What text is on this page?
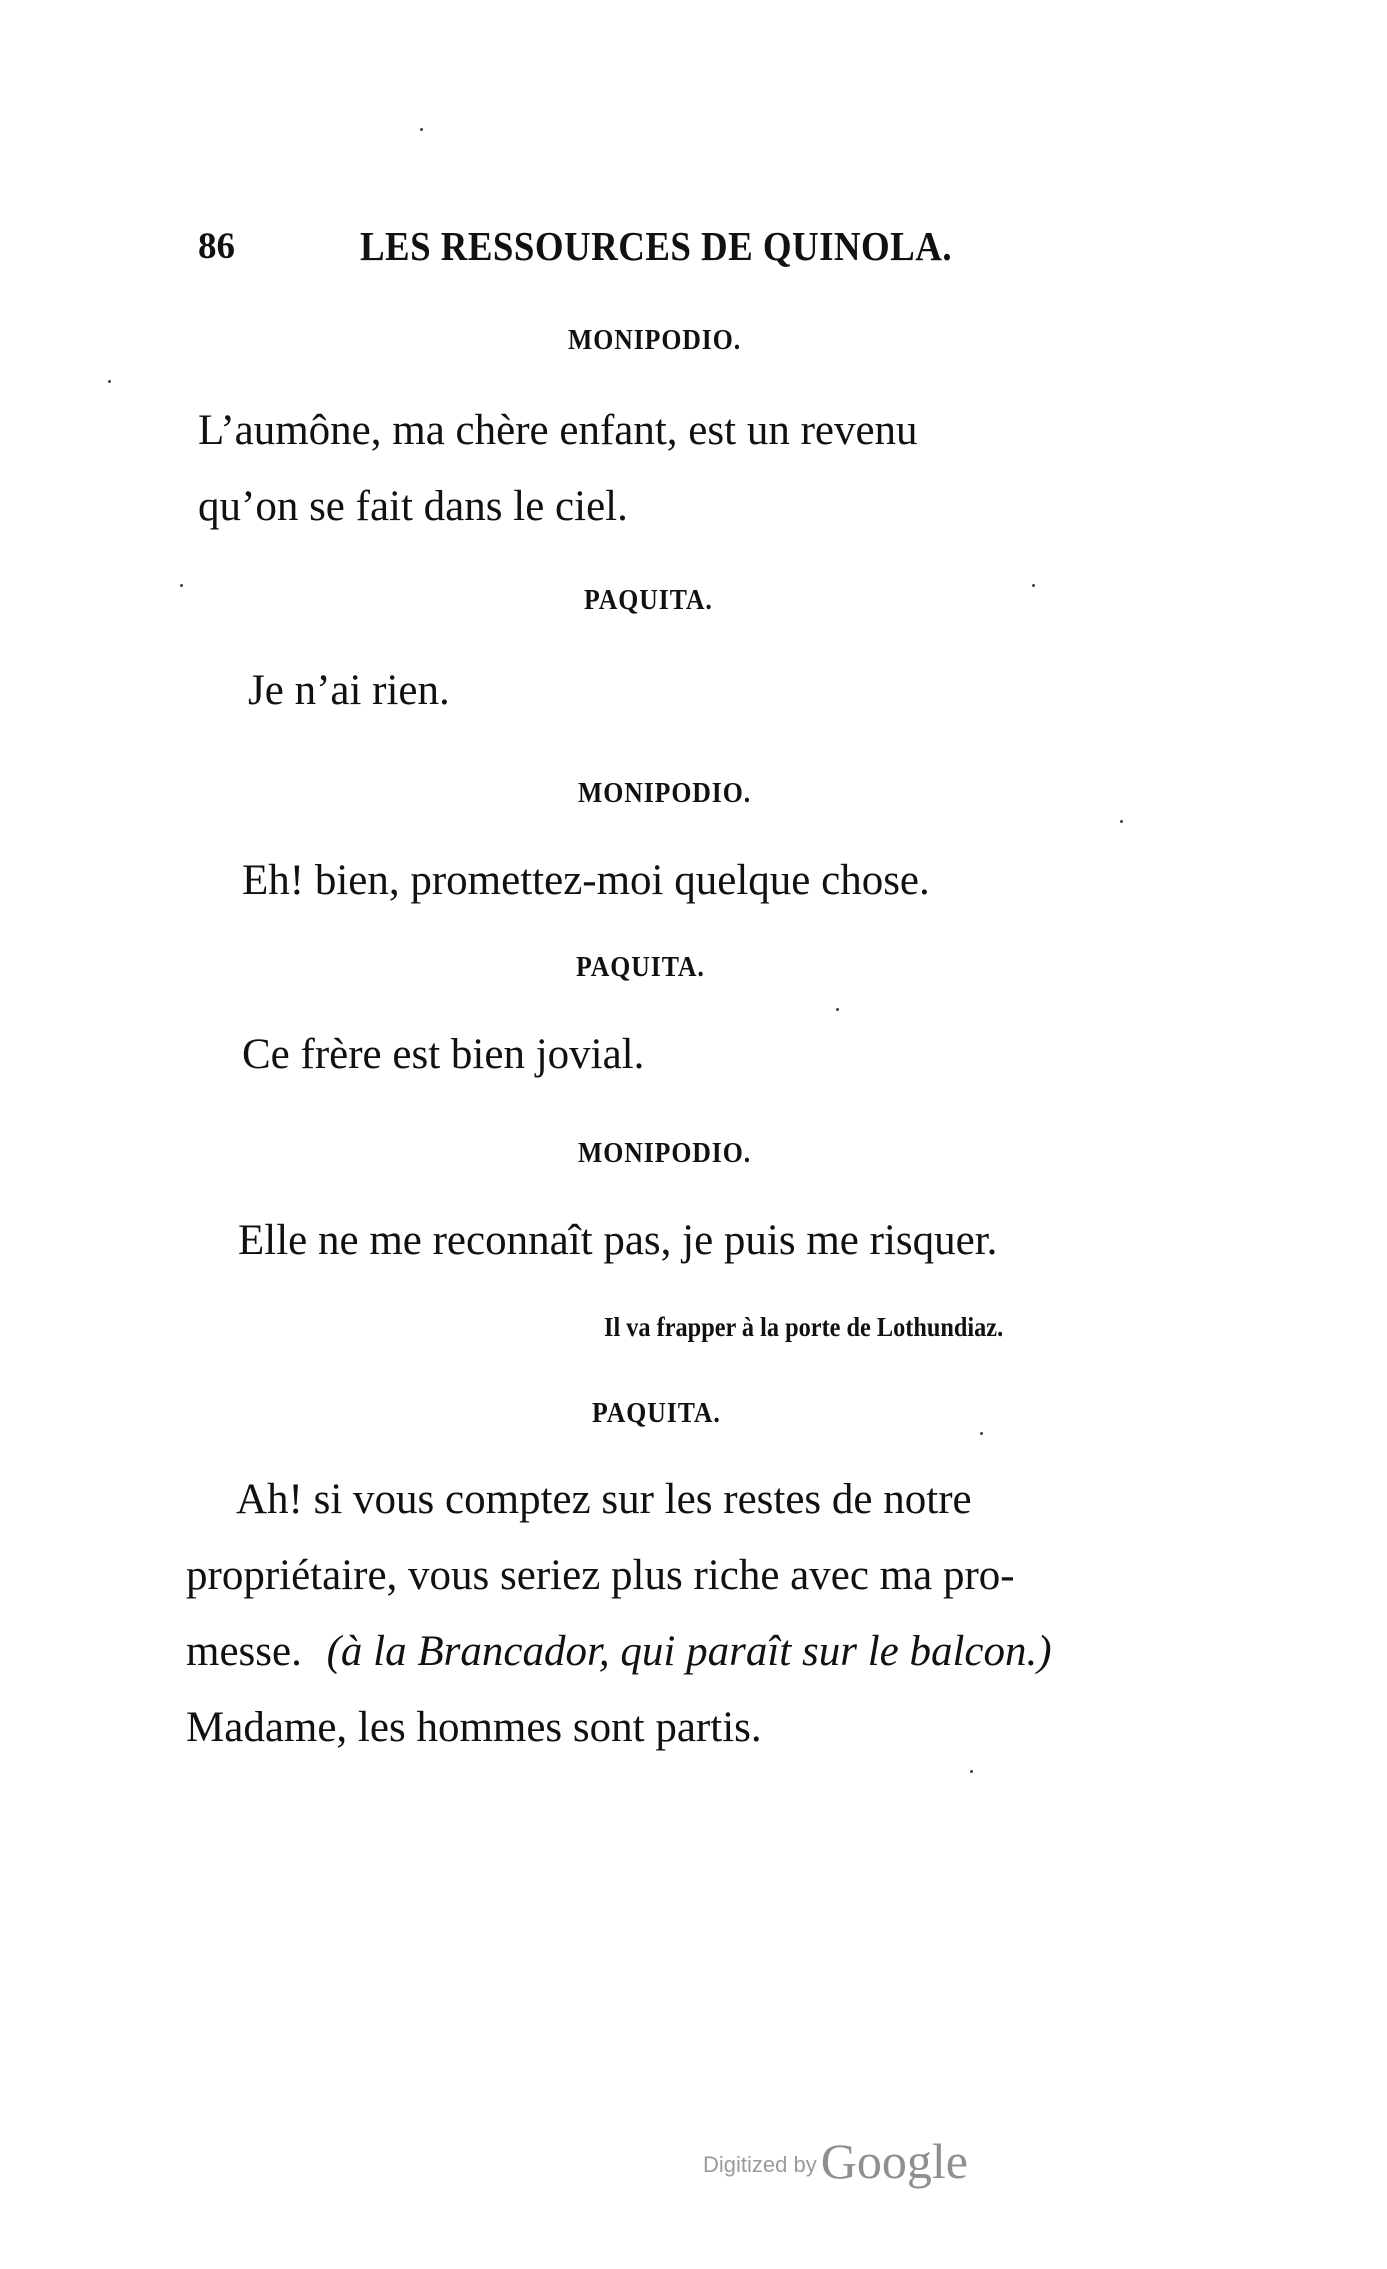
86	LES RESSOURCES DE QUINOLA.
MONIPODIO.
L’aumône, ma chère enfant, est un revenu
qu’on se fait dans le ciel.
PAQUITA.
Je n’ai rien.
MONIPODIO.
Eh! bien, promettez-moi quelque chose.
PAQUITA.
Ce frère est bien jovial.
MONIPODIO.
Elle ne me reconnaît pas, je puis me risquer.
Il va frapper à la porte de Lothundiaz.
PAQUITA.
Ah! si vous comptez sur les restes de notre
propriétaire, vous seriez plus riche avec ma pro-
messe. (à la Brancador, qui paraît sur le balcon.)
Madame, les hommes sont partis.
Digitized by Google
